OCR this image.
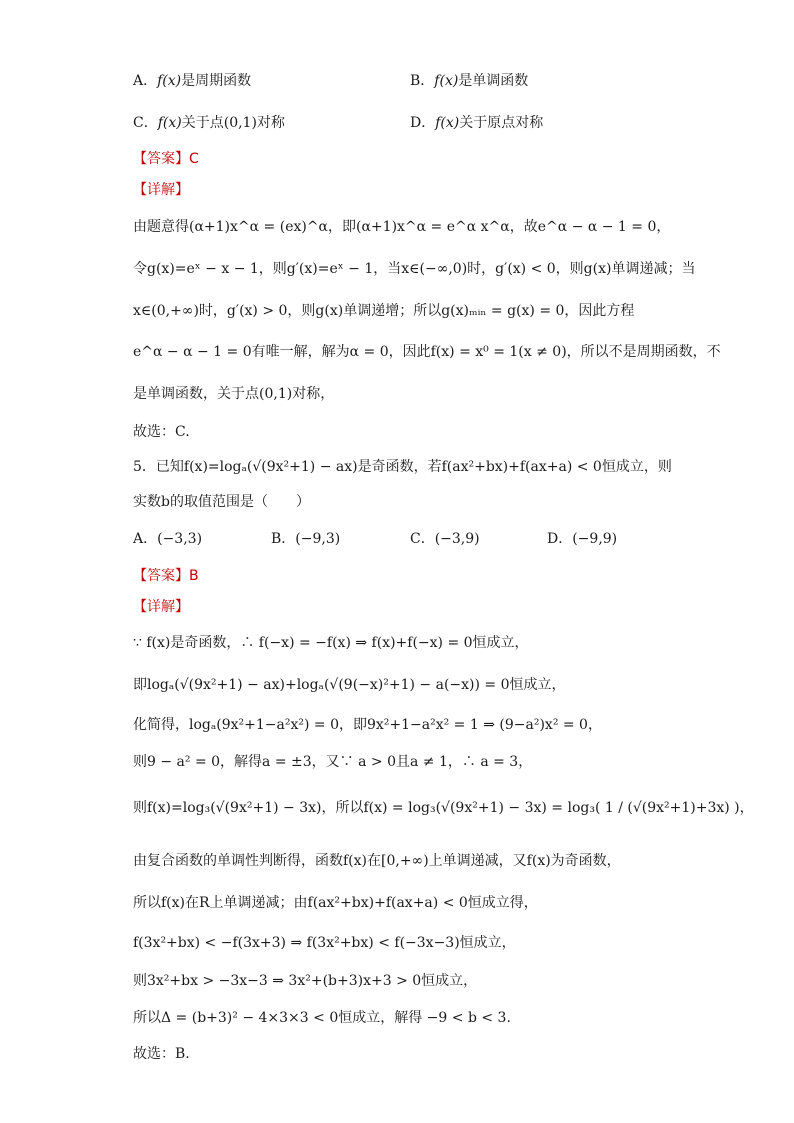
A．f(x)是周期函数	B．f(x)是单调函数
C．f(x)关于点(0,1)对称	D．f(x)关于原点对称
【答案】C
【详解】
由题意得(α+1)x^α = (ex)^α，即(α+1)x^α = e^α x^α，故e^α − α − 1 = 0，
令g(x)=eˣ − x − 1，则g′(x)=eˣ − 1，当x∈(−∞,0)时，g′(x) < 0，则g(x)单调递减；当
x∈(0,+∞)时，g′(x) > 0，则g(x)单调递增；所以g(x)ₘᵢₙ = g(x) = 0，因此方程
e^α − α − 1 = 0有唯一解，解为α = 0，因此f(x) = x⁰ = 1(x ≠ 0)，所以不是周期函数，不
是单调函数，关于点(0,1)对称，
故选：C.
5．已知f(x)=logₐ(√(9x²+1) − ax)是奇函数，若f(ax²+bx)+f(ax+a) < 0恒成立，则
实数b的取值范围是（　　）
A．(−3,3)	B．(−9,3)	C．(−3,9)	D．(−9,9)
【答案】B
【详解】
∵ f(x)是奇函数，∴ f(−x) = −f(x) ⇒ f(x)+f(−x) = 0恒成立，
即logₐ(√(9x²+1) − ax)+logₐ(√(9(−x)²+1) − a(−x)) = 0恒成立，
化简得，logₐ(9x²+1−a²x²) = 0，即9x²+1−a²x² = 1 ⇒ (9−a²)x² = 0，
则9 − a² = 0，解得a = ±3，又∵ a > 0且a ≠ 1，∴ a = 3，
则f(x)=log₃(√(9x²+1) − 3x)，所以f(x) = log₃(√(9x²+1) − 3x) = log₃( 1 / (√(9x²+1)+3x) )，
由复合函数的单调性判断得，函数f(x)在[0,+∞)上单调递减，又f(x)为奇函数，
所以f(x)在R上单调递减；由f(ax²+bx)+f(ax+a) < 0恒成立得，
f(3x²+bx) < −f(3x+3) ⇒ f(3x²+bx) < f(−3x−3)恒成立，
则3x²+bx > −3x−3 ⇒ 3x²+(b+3)x+3 > 0恒成立，
所以Δ = (b+3)² − 4×3×3 < 0恒成立，解得 −9 < b < 3.
故选：B.
